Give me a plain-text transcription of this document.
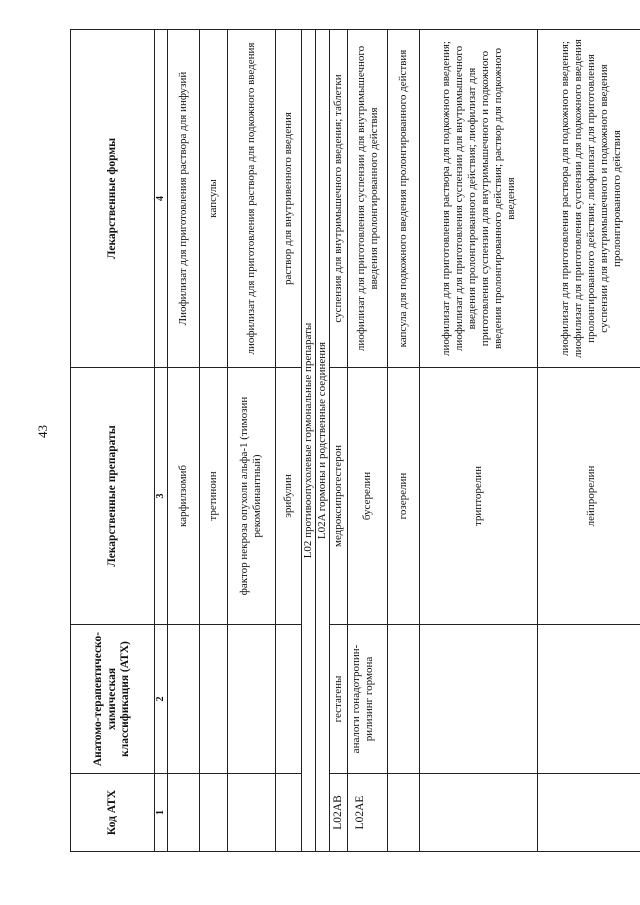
43
Код АТХ	Анатомо-терапевтическо-химическая классификация (АТХ)	Лекарственные препараты	Лекарственные формы
1	2	3	4
		карфилзомиб	Лиофилизат для приготовления раствора для инфузий
		третиноин	капсулы
		фактор некроза опухоли альфа-1 (тимозин рекомбинантный)	лиофилизат для приготовления раствора для подкожного введения
		эрибулин	раствор для внутривенного введения
L02 противоопухолевые гормональные препараты			
L02A гормоны и родственные соединения			
L02AB	гестагены	медроксипрогестерон	суспензия для внутримышечного введения; таблетки
L02AE	аналоги гонадотропин-рилизинг гормона	бусерелин	лиофилизат для приготовления суспензии для внутримышечного введения пролонгированного действия
		гозерелин	капсула для подкожного введения пролонгированного действия
		трипторелин	лиофилизат для приготовления раствора для подкожного введения; лиофилизат для приготовления суспензии для внутримышечного введения пролонгированного действия; лиофилизат для приготовления суспензии для внутримышечного и подкожного введения пролонгированного действия; раствор для подкожного введения
		лейпрорелин	лиофилизат для приготовления раствора для подкожного введения; лиофилизат для приготовления суспензии для подкожного введения пролонгированного действия; лиофилизат для приготовления суспензии для внутримышечного и подкожного введения пролонгированного действия
